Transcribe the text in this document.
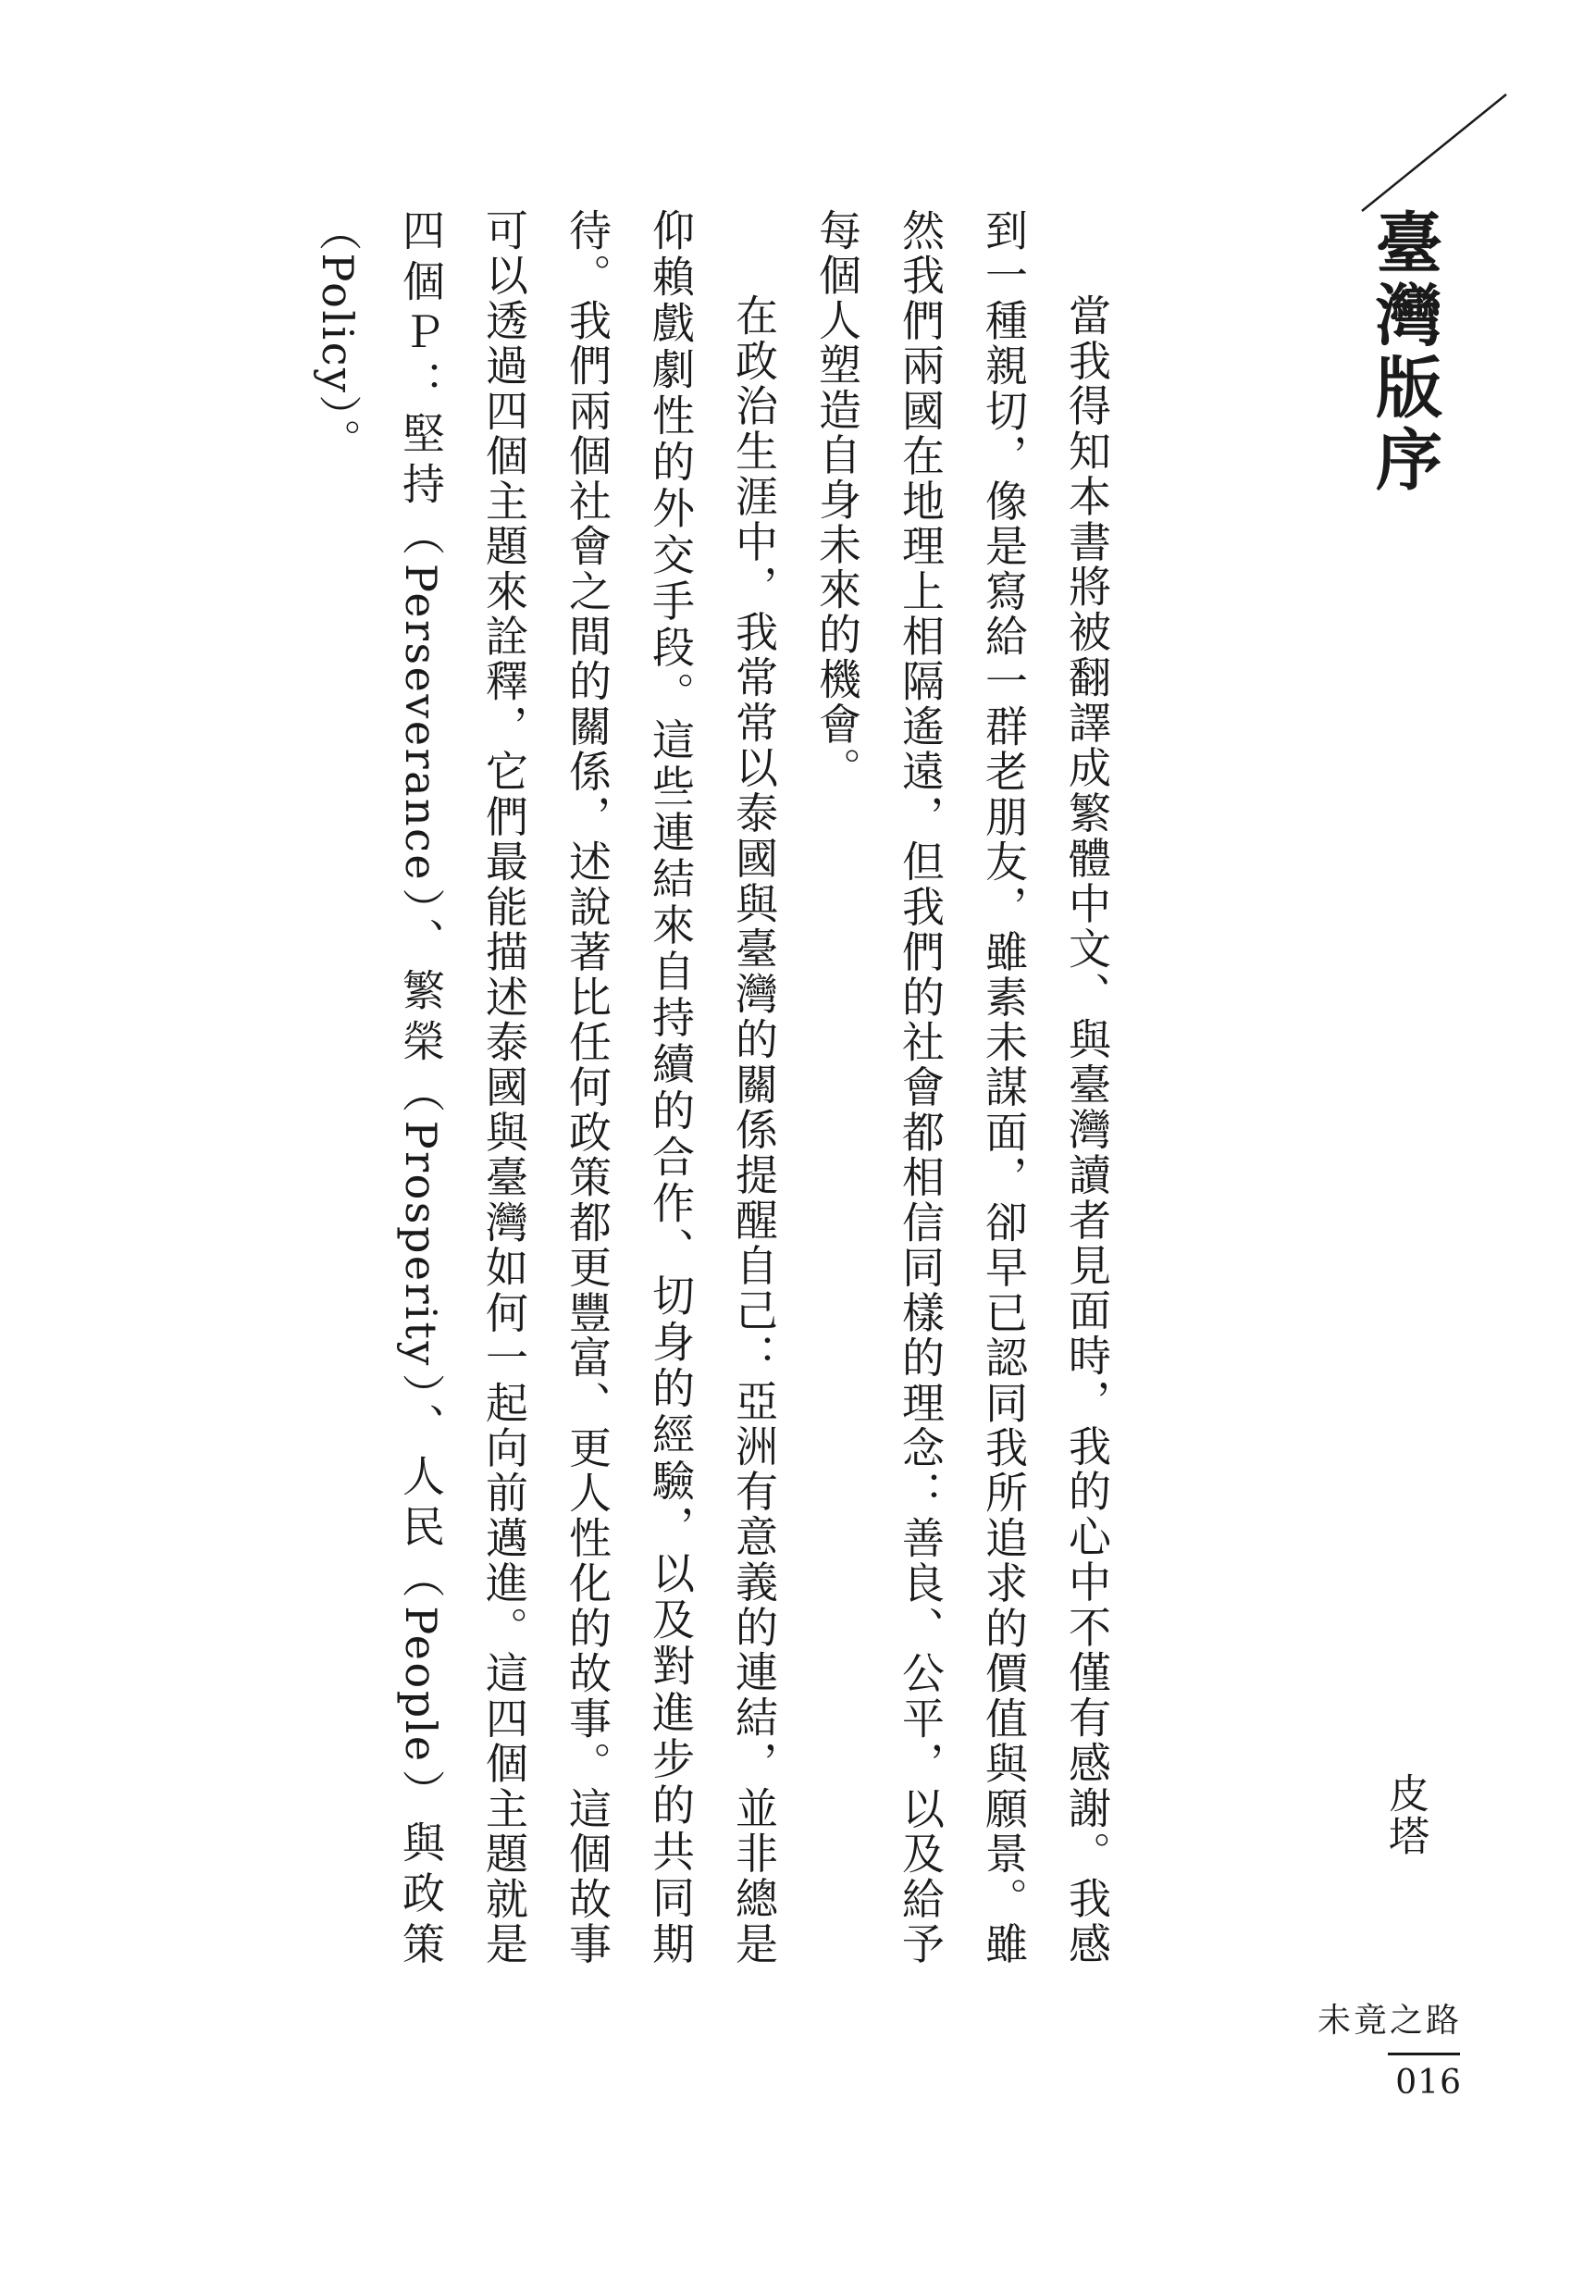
臺灣版序

當我得知本書將被翻譯成繁體中文、與臺灣讀者見面時，我的心中不僅有感謝。我感到一種親切，像是寫給一群老朋友，雖素未謀面，卻早已認同我所追求的價值與願景。雖然我們兩國在地理上相隔遙遠，但我們的社會都相信同樣的理念：善良、公平，以及給予每個人塑造自身未來的機會。

在政治生涯中，我常常以泰國與臺灣的關係提醒自己：亞洲有意義的連結，並非總是仰賴戲劇性的外交手段。這些連結來自持續的合作、切身的經驗，以及對進步的共同期待。我們兩個社會之間的關係，述說著比任何政策都更豐富、更人性化的故事。這個故事可以透過四個主題來詮釋，它們最能描述泰國與臺灣如何一起向前邁進。這四個主題就是四個Ｐ：堅持（Perseverance）、繁榮（Prosperity）、人民（People）與政策（Policy）。

皮塔
未竟之路
016
